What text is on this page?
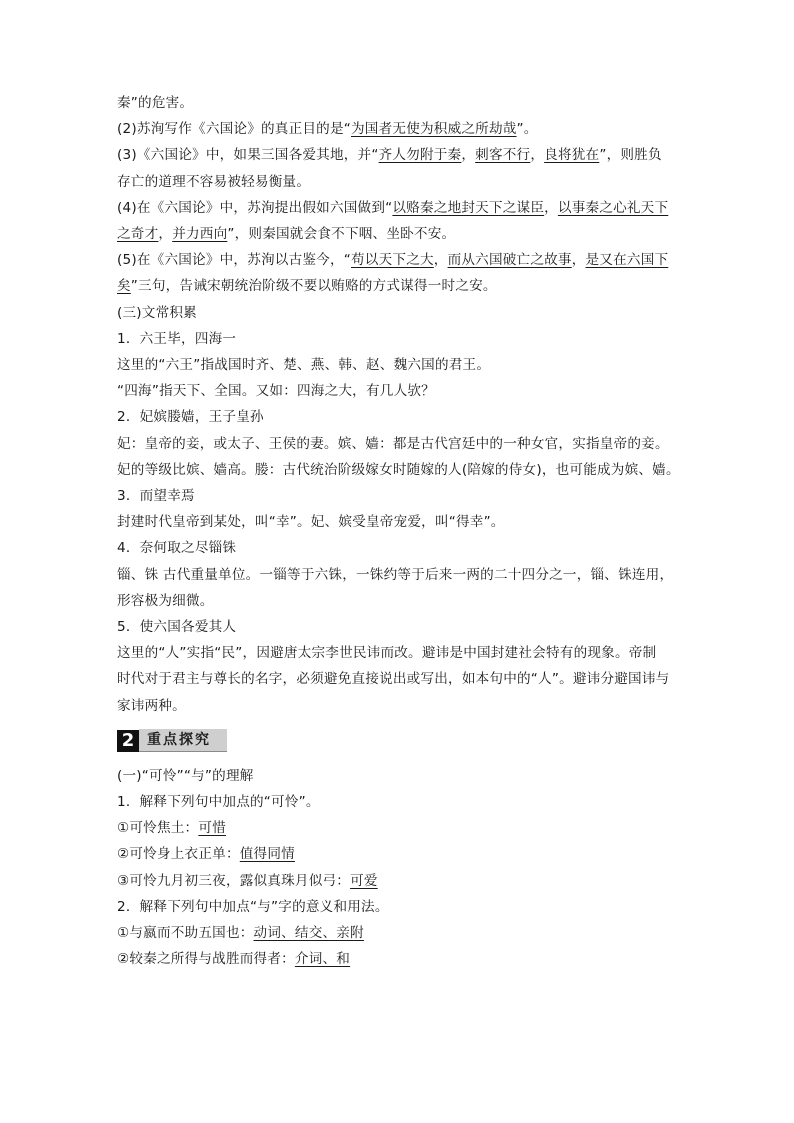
秦”的危害。
(2)苏洵写作《六国论》的真正目的是“为国者无使为积威之所劫哉”。
(3)《六国论》中，如果三国各爱其地，并“齐人勿附于秦，刺客不行，良将犹在”，则胜负
存亡的道理不容易被轻易衡量。
(4)在《六国论》中，苏洵提出假如六国做到“以赂秦之地封天下之谋臣，以事秦之心礼天下
之奇才，并力西向”，则秦国就会食不下咽、坐卧不安。
(5)在《六国论》中，苏洵以古鉴今，“苟以天下之大，而从六国破亡之故事，是又在六国下
矣”三句，告诫宋朝统治阶级不要以贿赂的方式谋得一时之安。
(三)文常积累
1．六王毕，四海一
这里的“六王”指战国时齐、楚、燕、韩、赵、魏六国的君王。
“四海”指天下、全国。又如：四海之大，有几人欤？
2．妃嫔媵嫱，王子皇孙
妃：皇帝的妾，或太子、王侯的妻。嫔、嫱：都是古代宫廷中的一种女官，实指皇帝的妾。
妃的等级比嫔、嫱高。媵：古代统治阶级嫁女时随嫁的人(陪嫁的侍女)，也可能成为嫔、嫱。
3．而望幸焉
封建时代皇帝到某处，叫“幸”。妃、嫔受皇帝宠爱，叫“得幸”。
4．奈何取之尽锱铢
锱、铢 古代重量单位。一锱等于六铢，一铢约等于后来一两的二十四分之一，锱、铢连用，
形容极为细微。
5．使六国各爱其人
这里的“人”实指“民”，因避唐太宗李世民讳而改。避讳是中国封建社会特有的现象。帝制
时代对于君主与尊长的名字，必须避免直接说出或写出，如本句中的“人”。避讳分避国讳与
家讳两种。
2 重点探究
(一)“可怜”“与”的理解
1．解释下列句中加点的“可怜”。
①可怜焦土：可惜
②可怜身上衣正单：值得同情
③可怜九月初三夜，露似真珠月似弓：可爱
2．解释下列句中加点“与”字的意义和用法。
①与嬴而不助五国也：动词、结交、亲附
②较秦之所得与战胜而得者：介词、和
